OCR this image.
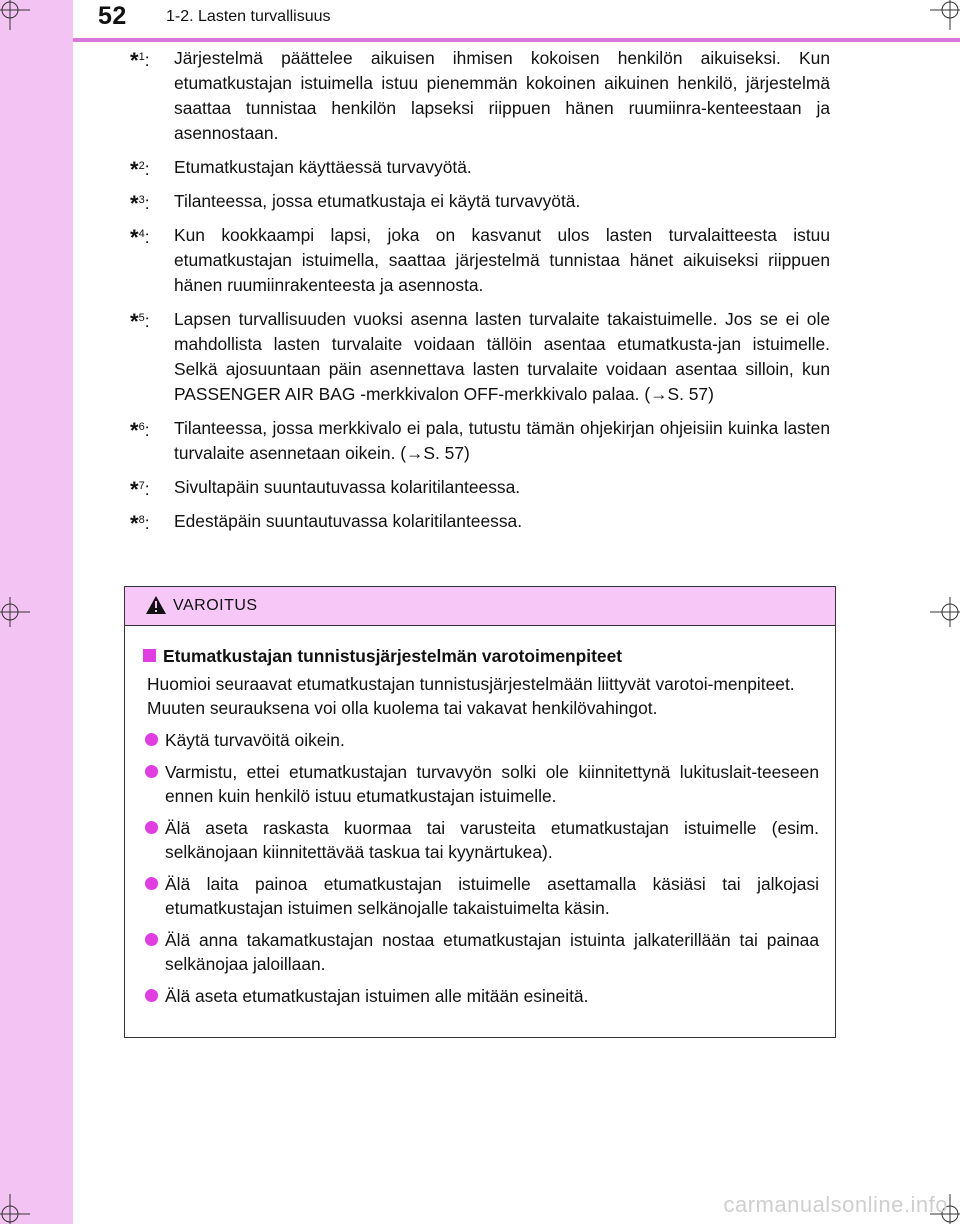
52 1-2. Lasten turvallisuus
*$^1$: Järjestelmä päättelee aikuisen ihmisen kokoisen henkilön aikuiseksi. Kun etumatkustajan istuimella istuu pienemmän kokoinen aikuinen henkilö, järjestelmä saattaa tunnistaa henkilön lapseksi riippuen hänen ruumiinra-kenteestaan ja asennostaan.
*$^2$: Etumatkustajan käyttäessä turvavyötä.
*$^3$: Tilanteessa, jossa etumatkustaja ei käytä turvavyötä.
*$^4$: Kun kookkaampi lapsi, joka on kasvanut ulos lasten turvalaitteesta istuu etumatkustajan istuimella, saattaa järjestelmä tunnistaa hänet aikuiseksi riippuen hänen ruumiinrakenteesta ja asennosta.
*$^5$: Lapsen turvallisuuden vuoksi asenna lasten turvalaite takaistuimelle. Jos se ei ole mahdollista lasten turvalaite voidaan tällöin asentaa etumatkusta-jan istuimelle. Selkä ajosuuntaan päin asennettava lasten turvalaite voidaan asentaa silloin, kun PASSENGER AIR BAG -merkkivalon OFF-merkkivalo palaa. (→S. 57)
*$^6$: Tilanteessa, jossa merkkivalo ei pala, tutustu tämän ohjekirjan ohjeisiin kuinka lasten turvalaite asennetaan oikein. (→S. 57)
*$^7$: Sivultapäin suuntautuvassa kolaritilanteessa.
*$^8$: Edestäpäin suuntautuvassa kolaritilanteessa.
VAROITUS
Etumatkustajan tunnistusjärjestelmän varotoimenpiteet
Huomioi seuraavat etumatkustajan tunnistusjärjestelmään liittyvät varotoi-menpiteet.
Muuten seurauksena voi olla kuolema tai vakavat henkilövahingot.
Käytä turvavöitä oikein.
Varmistu, ettei etumatkustajan turvavyön solki ole kiinnitettynä lukituslait-teeseen ennen kuin henkilö istuu etumatkustajan istuimelle.
Älä aseta raskasta kuormaa tai varusteita etumatkustajan istuimelle (esim. selkänojaan kiinnitettävää taskua tai kyynärtukea).
Älä laita painoa etumatkustajan istuimelle asettamalla käsiäsi tai jalkojasi etumatkustajan istuimen selkänojalle takaistuimelta käsin.
Älä anna takamatkustajan nostaa etumatkustajan istuinta jalkaterillään tai painaa selkänojaa jaloillaan.
Älä aseta etumatkustajan istuimen alle mitään esineitä.
carmanualsonline.info
